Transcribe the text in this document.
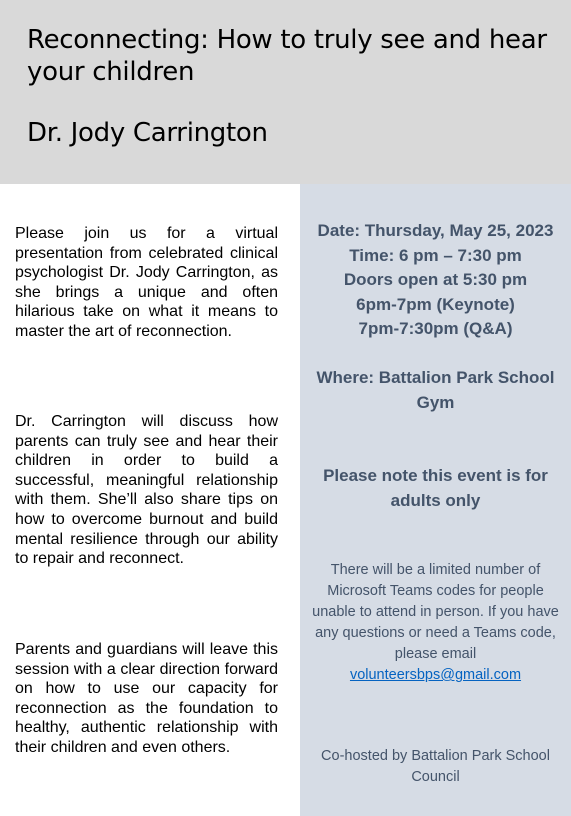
Reconnecting: How to truly see and hear your children
Dr. Jody Carrington

Please join us for a virtual presentation from celebrated clinical psychologist Dr. Jody Carrington, as she brings a unique and often hilarious take on what it means to master the art of reconnection.

Dr. Carrington will discuss how parents can truly see and hear their children in order to build a successful, meaningful relationship with them. She’ll also share tips on how to overcome burnout and build mental resilience through our ability to repair and reconnect.

Parents and guardians will leave this session with a clear direction forward on how to use our capacity for reconnection as the foundation to healthy, authentic relationship with their children and even others.

Date: Thursday, May 25, 2023
Time: 6 pm – 7:30 pm
Doors open at 5:30 pm
6pm-7pm (Keynote)
7pm-7:30pm (Q&A)
Where: Battalion Park School Gym
Please note this event is for adults only
There will be a limited number of Microsoft Teams codes for people unable to attend in person. If you have any questions or need a Teams code, please email
volunteersbps@gmail.com
Co-hosted by Battalion Park School Council
